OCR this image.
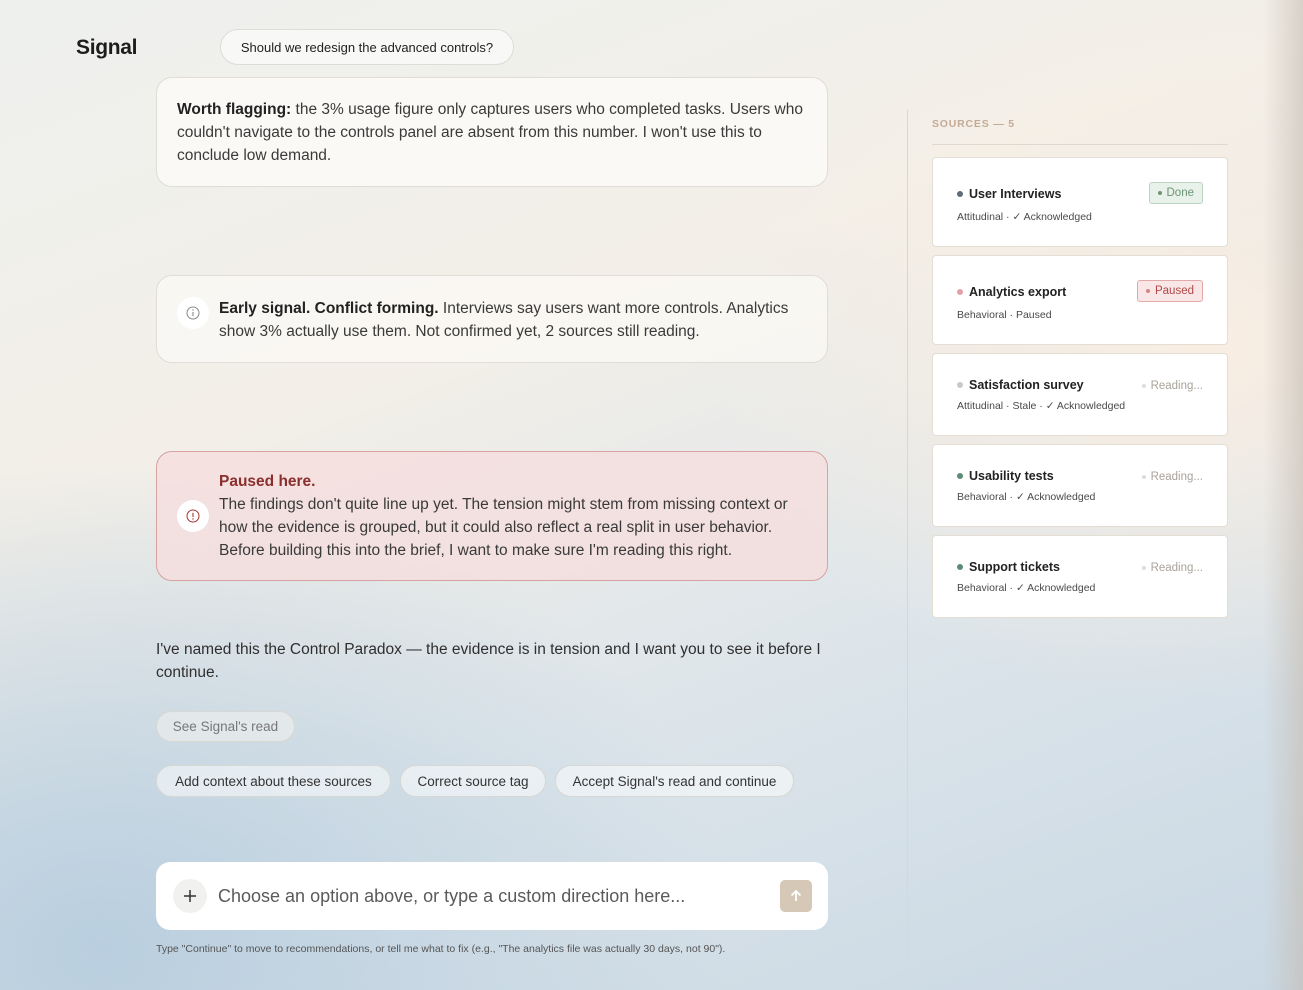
Signal	Should we redesign the advanced controls?
Worth flagging: the 3% usage figure only captures users who completed tasks. Users who couldn't navigate to the controls panel are absent from this number. I won't use this to conclude low demand.
Early signal. Conflict forming. Interviews say users want more controls. Analytics show 3% actually use them. Not confirmed yet, 2 sources still reading.
Paused here.
The findings don't quite line up yet. The tension might stem from missing context or how the evidence is grouped, but it could also reflect a real split in user behavior. Before building this into the brief, I want to make sure I'm reading this right.
I've named this the Control Paradox — the evidence is in tension and I want you to see it before I continue.
See Signal's read
Add context about these sources	Correct source tag	Accept Signal's read and continue
Choose an option above, or type a custom direction here...
Type "Continue" to move to recommendations, or tell me what to fix (e.g., "The analytics file was actually 30 days, not 90").
SOURCES — 5
User Interviews
Attitudinal · ✓ Acknowledged
Done
Analytics export
Behavioral · Paused
Paused
Satisfaction survey
Attitudinal · Stale · ✓ Acknowledged
Reading...
Usability tests
Behavioral · ✓ Acknowledged
Reading...
Support tickets
Behavioral · ✓ Acknowledged
Reading...
